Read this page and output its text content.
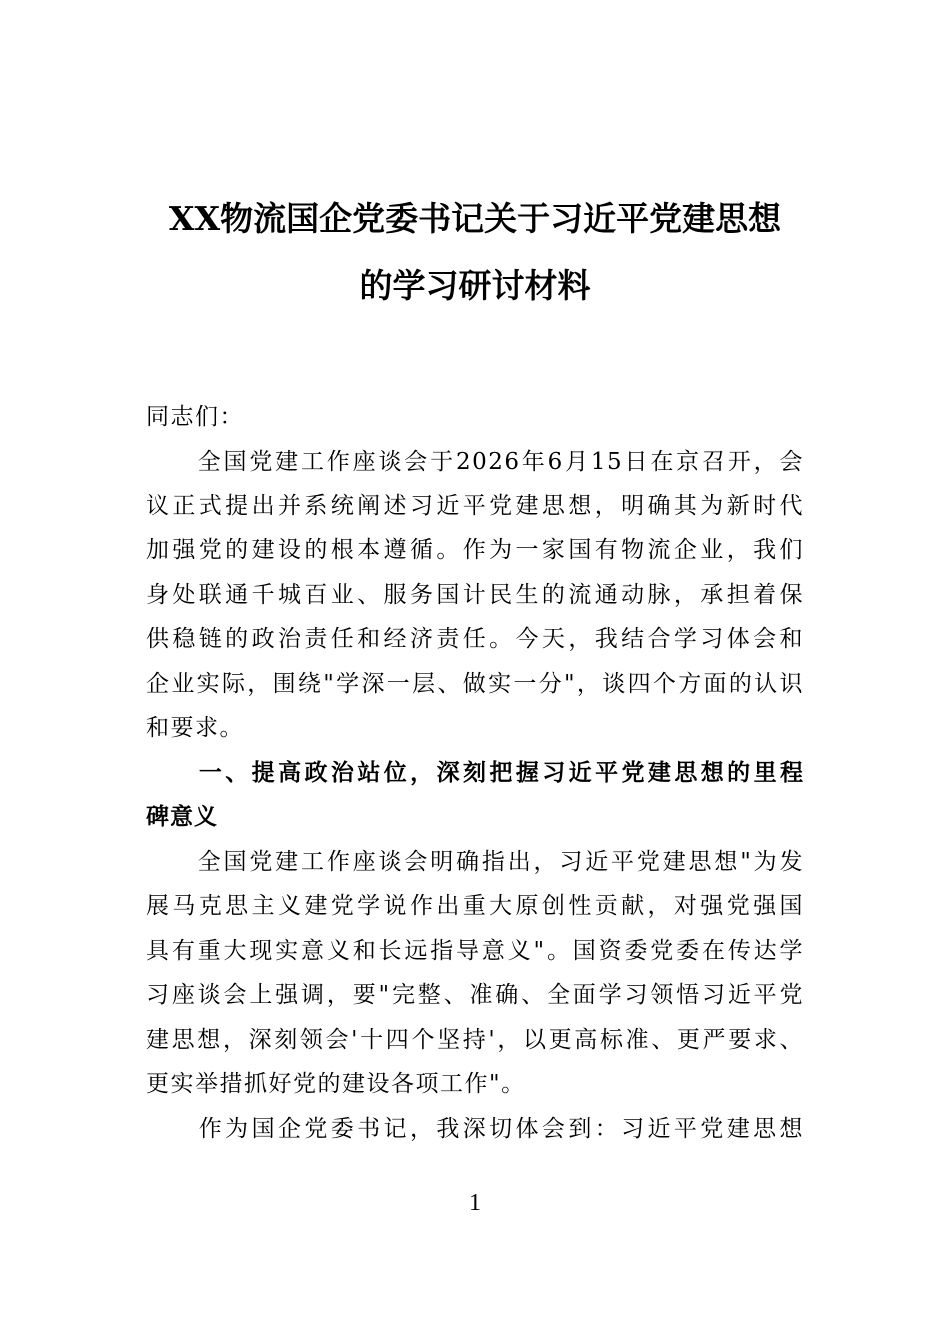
XX物流国企党委书记关于习近平党建思想
的学习研讨材料
同志们：
　　全国党建工作座谈会于2026年6月15日在京召开，会
议正式提出并系统阐述习近平党建思想，明确其为新时代
加强党的建设的根本遵循。作为一家国有物流企业，我们
身处联通千城百业、服务国计民生的流通动脉，承担着保
供稳链的政治责任和经济责任。今天，我结合学习体会和
企业实际，围绕"学深一层、做实一分"，谈四个方面的认识
和要求。
　　一、提高政治站位，深刻把握习近平党建思想的里程
碑意义
　　全国党建工作座谈会明确指出，习近平党建思想"为发
展马克思主义建党学说作出重大原创性贡献，对强党强国
具有重大现实意义和长远指导意义"。国资委党委在传达学
习座谈会上强调，要"完整、准确、全面学习领悟习近平党
建思想，深刻领会'十四个坚持'，以更高标准、更严要求、
更实举措抓好党的建设各项工作"。
　　作为国企党委书记，我深切体会到：习近平党建思想
1
